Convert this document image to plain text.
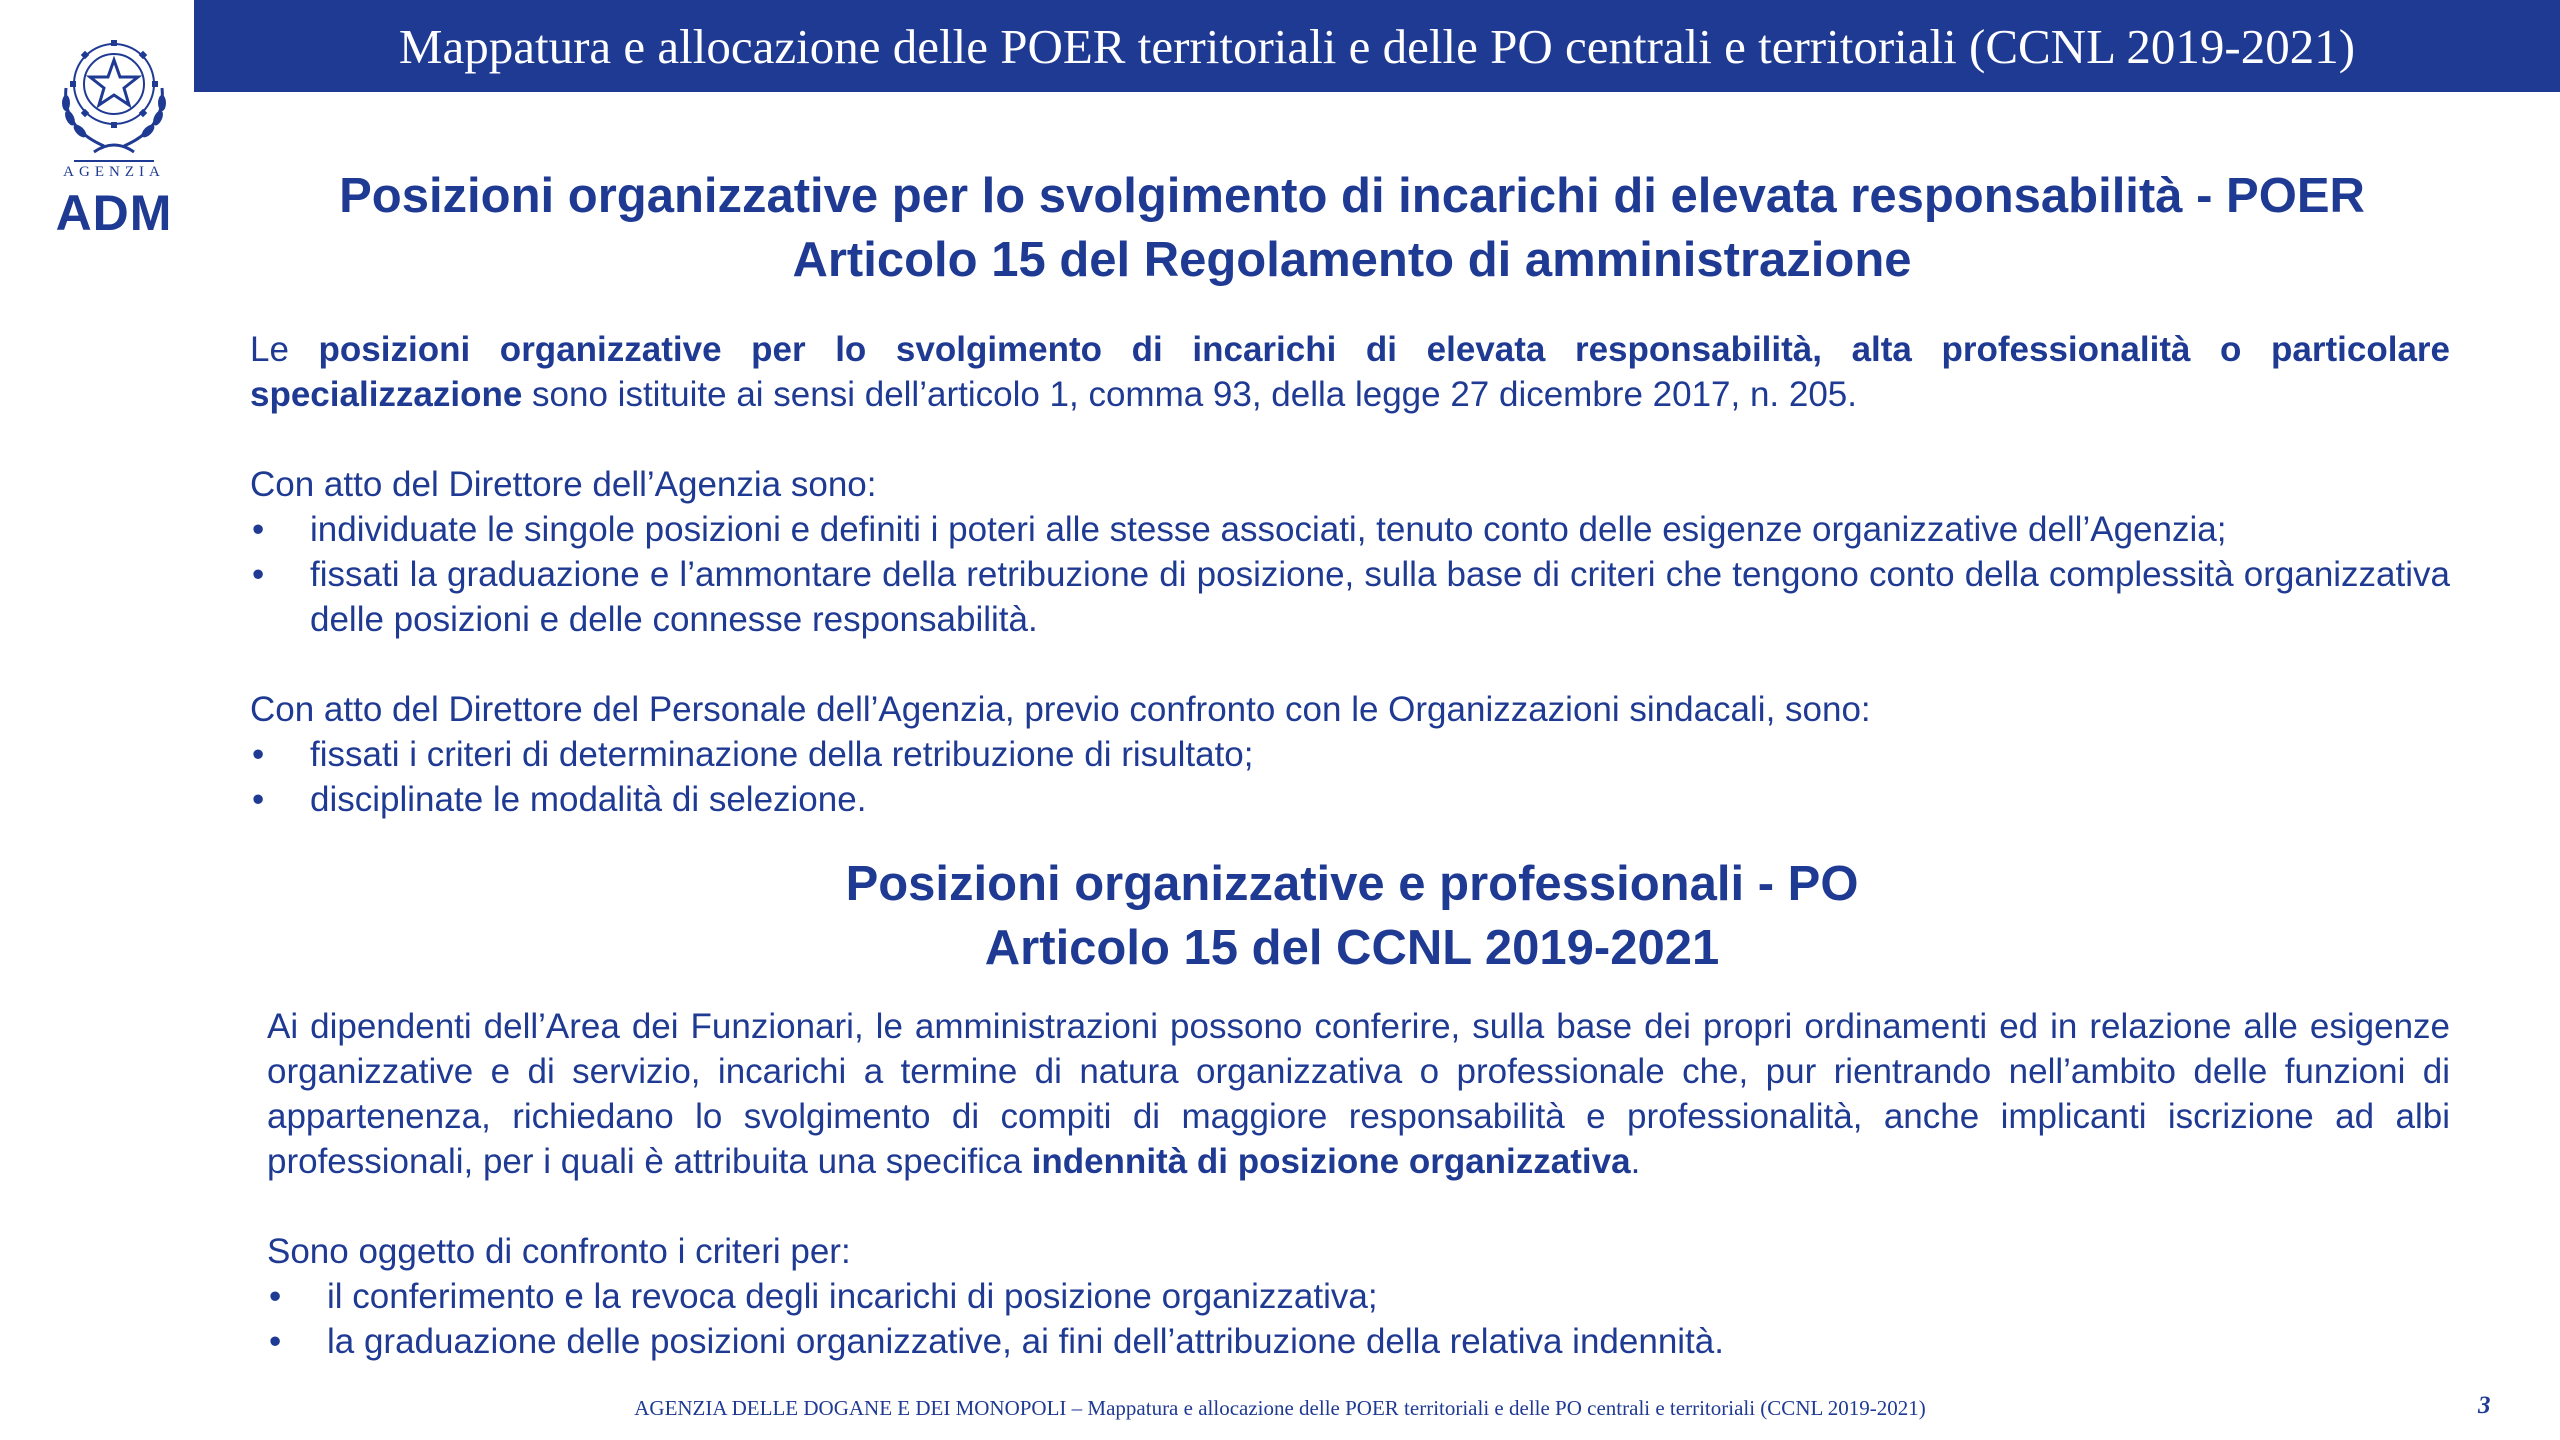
AGENZIA
ADM
Mappatura e allocazione delle POER territoriali e delle PO centrali e territoriali (CCNL 2019-2021)
Posizioni organizzative per lo svolgimento di incarichi di elevata responsabilità - POER
Articolo 15 del Regolamento di amministrazione

Le posizioni organizzative per lo svolgimento di incarichi di elevata responsabilità, alta professionalità o particolare specializzazione sono istituite ai sensi dell’articolo 1, comma 93, della legge 27 dicembre 2017, n. 205.

Con atto del Direttore dell’Agenzia sono:

• individuate le singole posizioni e definiti i poteri alle stesse associati, tenuto conto delle esigenze organizzative dell’Agenzia;
• fissati la graduazione e l’ammontare della retribuzione di posizione, sulla base di criteri che tengono conto della complessità organizzativa delle posizioni e delle connesse responsabilità.

Con atto del Direttore del Personale dell’Agenzia, previo confronto con le Organizzazioni sindacali, sono:

• fissati i criteri di determinazione della retribuzione di risultato;
• disciplinate le modalità di selezione.
Posizioni organizzative e professionali - PO
Articolo 15 del CCNL 2019-2021

Ai dipendenti dell’Area dei Funzionari, le amministrazioni possono conferire, sulla base dei propri ordinamenti ed in relazione alle esigenze organizzative e di servizio, incarichi a termine di natura organizzativa o professionale che, pur rientrando nell’ambito delle funzioni di appartenenza, richiedano lo svolgimento di compiti di maggiore responsabilità e professionalità, anche implicanti iscrizione ad albi professionali, per i quali è attribuita una specifica indennità di posizione organizzativa.

Sono oggetto di confronto i criteri per:

• il conferimento e la revoca degli incarichi di posizione organizzativa;
• la graduazione delle posizioni organizzative, ai fini dell’attribuzione della relativa indennità.
AGENZIA DELLE DOGANE E DEI MONOPOLI – Mappatura e allocazione delle POER territoriali e delle PO centrali e territoriali (CCNL 2019-2021)	3
